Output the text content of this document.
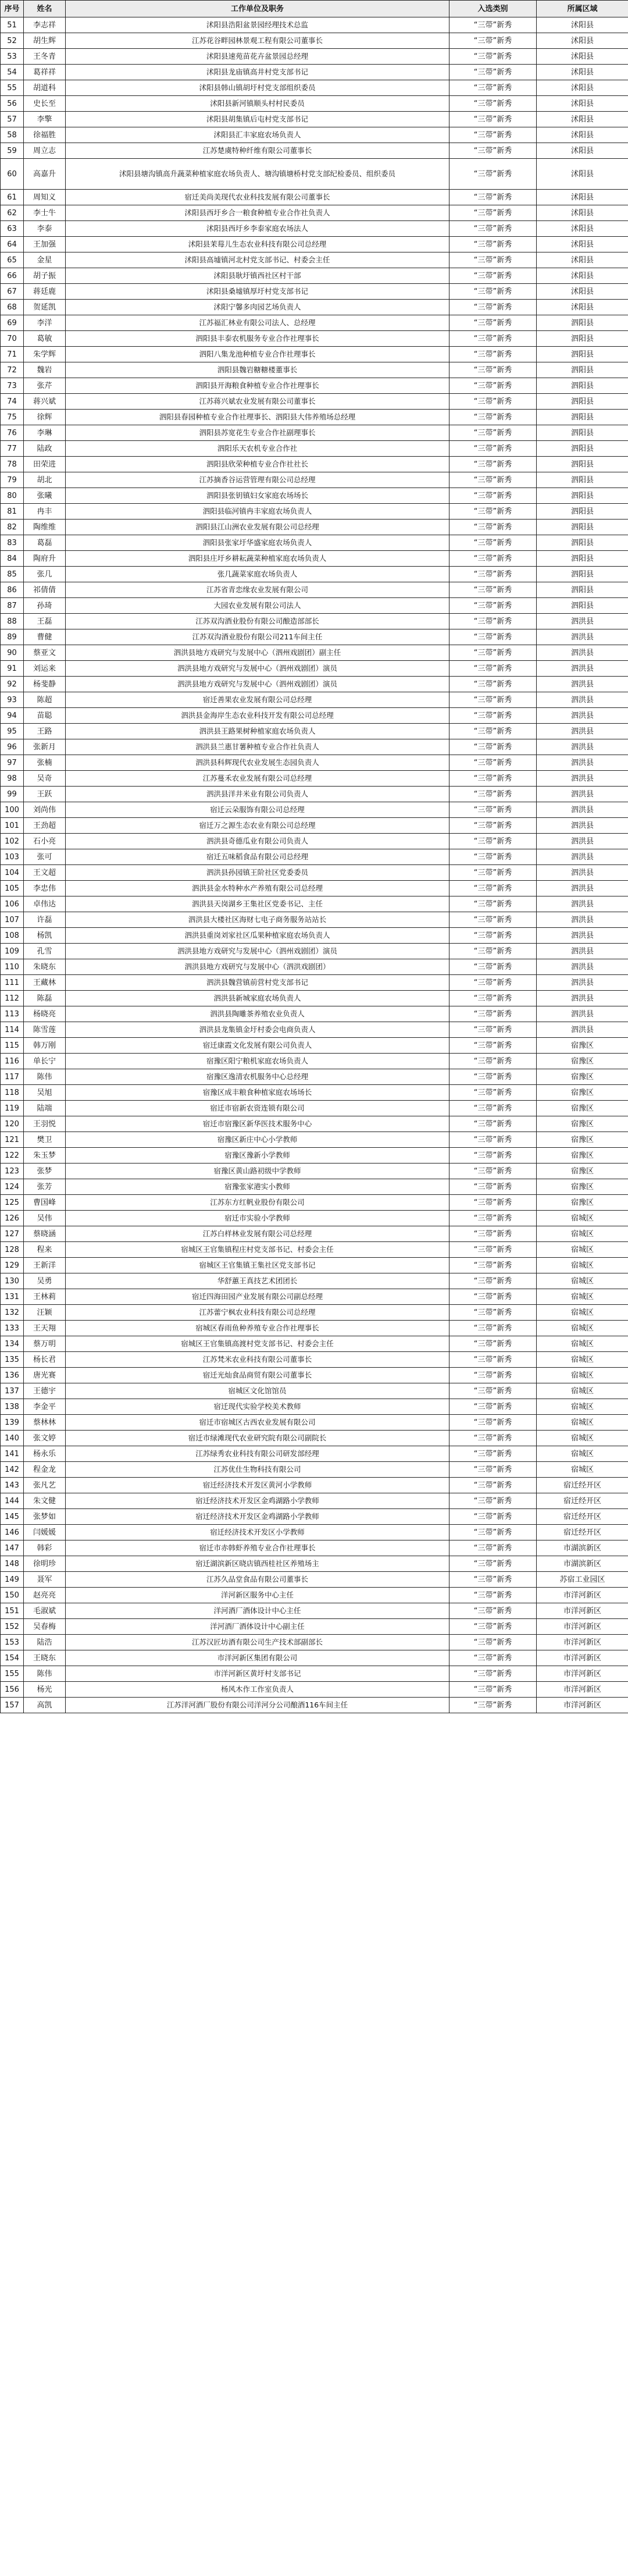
序号	姓名	工作单位及职务	入选类别	所属区域
51	李志祥	沭阳县浩阳盆景园经理技术总监	“三带”新秀	沭阳县
52	胡生辉	江苏花谷畔园林景观工程有限公司董事长	“三带”新秀	沭阳县
53	王冬青	沭阳县速苑苗花卉盆景园总经理	“三带”新秀	沭阳县
54	葛祥祥	沭阳县龙庙镇高井村党支部书记	“三带”新秀	沭阳县
55	胡道科	沭阳县韩山镇胡圩村党支部组织委员	“三带”新秀	沭阳县
56	史长至	沭阳县新河镇顺头村村民委员	“三带”新秀	沭阳县
57	李擎	沭阳县胡集镇后屯村党支部书记	“三带”新秀	沭阳县
58	徐福胜	沭阳县汇丰家庭农场负责人	“三带”新秀	沭阳县
59	周立志	江苏楚虞特种纤维有限公司董事长	“三带”新秀	沭阳县
60	高嘉升	沭阳县塘沟镇高升蔬菜种植家庭农场负责人、塘沟镇塘桥村党支部纪检委员、组织委员	“三带”新秀	沭阳县
61	周知义	宿迁美尚美现代农业科技发展有限公司董事长	“三带”新秀	沭阳县
62	李士牛	沭阳县西圩乡合一粮食种植专业合作社负责人	“三带”新秀	沭阳县
63	李泰	沭阳县西圩乡李泰家庭农场法人	“三带”新秀	沭阳县
64	王加强	沭阳县茉莓儿生态农业科技有限公司总经理	“三带”新秀	沭阳县
65	金星	沭阳县高墟镇河北村党支部书记、村委会主任	“三带”新秀	沭阳县
66	胡子振	沭阳县耿圩镇西社区村干部	“三带”新秀	沭阳县
67	蒋廷鹿	沭阳县桑墟镇厚圩村党支部书记	“三带”新秀	沭阳县
68	贺延凯	沭阳宁馨多肉园艺场负责人	“三带”新秀	沭阳县
69	李洋	江苏福汇林业有限公司法人、总经理	“三带”新秀	泗阳县
70	葛敏	泗阳县丰泰农机服务专业合作社理事长	“三带”新秀	泗阳县
71	朱学辉	泗阳八集龙池种植专业合作社理事长	“三带”新秀	泗阳县
72	魏岩	泗阳县魏岩糖糖楼董事长	“三带”新秀	泗阳县
73	张芹	泗阳县开海粮食种植专业合作社理事长	“三带”新秀	泗阳县
74	蒋兴斌	江苏蒋兴斌农业发展有限公司董事长	“三带”新秀	泗阳县
75	徐辉	泗阳县春园种植专业合作社理事长、泗阳县大伟养殖场总经理	“三带”新秀	泗阳县
76	李琳	泗阳县苏宽花生专业合作社副理事长	“三带”新秀	泗阳县
77	陆政	泗阳乐天农机专业合作社	“三带”新秀	泗阳县
78	田荣进	泗阳县欣荣种植专业合作社社长	“三带”新秀	泗阳县
79	胡北	江苏摘香谷运营管理有限公司总经理	“三带”新秀	泗阳县
80	张曦	泗阳县张钥镇妇女家庭农场场长	“三带”新秀	泗阳县
81	冉丰	泗阳县临河镇冉丰家庭农场负责人	“三带”新秀	泗阳县
82	陶维维	泗阳县江山洲农业发展有限公司总经理	“三带”新秀	泗阳县
83	葛磊	泗阳县张家圩华盛家庭农场负责人	“三带”新秀	泗阳县
84	陶府升	泗阳县庄圩乡耕耘蔬菜种植家庭农场负责人	“三带”新秀	泗阳县
85	张几	张几蔬菜家庭农场负责人	“三带”新秀	泗阳县
86	祁倩倩	江苏省青恋缘农业发展有限公司	“三带”新秀	泗阳县
87	孙琦	大园农业发展有限公司法人	“三带”新秀	泗阳县
88	王磊	江苏双沟酒业股份有限公司酿造部部长	“三带”新秀	泗洪县
89	曹健	江苏双沟酒业股份有限公司211车间主任	“三带”新秀	泗洪县
90	蔡亚文	泗洪县地方戏研究与发展中心（泗州戏剧团）副主任	“三带”新秀	泗洪县
91	刘运来	泗洪县地方戏研究与发展中心（泗州戏剧团）演员	“三带”新秀	泗洪县
92	杨斐静	泗洪县地方戏研究与发展中心（泗州戏剧团）演员	“三带”新秀	泗洪县
93	陈超	宿迁善果农业发展有限公司总经理	“三带”新秀	泗洪县
94	苗聪	泗洪县金海岸生态农业科技开发有限公司总经理	“三带”新秀	泗洪县
95	王路	泗洪县王路果树种植家庭农场负责人	“三带”新秀	泗洪县
96	张新月	泗洪县兰惠甘薯种植专业合作社负责人	“三带”新秀	泗洪县
97	张楠	泗洪县科辉现代农业发展生态园负责人	“三带”新秀	泗洪县
98	吴奇	江苏蔓禾农业发展有限公司总经理	“三带”新秀	泗洪县
99	王跃	泗洪县洋井米业有限公司负责人	“三带”新秀	泗洪县
100	刘尚伟	宿迁云朵服饰有限公司总经理	“三带”新秀	泗洪县
101	王劲超	宿迁万之源生态农业有限公司总经理	“三带”新秀	泗洪县
102	石小亮	泗洪县奇德瓜业有限公司负责人	“三带”新秀	泗洪县
103	张可	宿迁五味稻食品有限公司总经理	“三带”新秀	泗洪县
104	王文超	泗洪县孙园镇王阶社区党委委员	“三带”新秀	泗洪县
105	李忠伟	泗洪县金水特种水产养殖有限公司总经理	“三带”新秀	泗洪县
106	卓伟达	泗洪县天岗湖乡王集社区党委书记、主任	“三带”新秀	泗洪县
107	许磊	泗洪县大楼社区海财七电子商务服务站站长	“三带”新秀	泗洪县
108	杨凯	泗洪县重岗刘家社区瓜果种植家庭农场负责人	“三带”新秀	泗洪县
109	孔雪	泗洪县地方戏研究与发展中心（泗州戏剧团）演员	“三带”新秀	泗洪县
110	朱晓东	泗洪县地方戏研究与发展中心（泗洪戏剧团）	“三带”新秀	泗洪县
111	王藏林	泗洪县魏营镇前营村党支部书记	“三带”新秀	泗洪县
112	陈磊	泗洪县新城家庭农场负责人	“三带”新秀	泗洪县
113	杨晓亮	泗洪县陶雕茶养殖农业负责人	“三带”新秀	泗洪县
114	陈雪莲	泗洪县龙集镇金圩村委会电商负责人	“三带”新秀	泗洪县
115	韩万刚	宿迁康霞文化发展有限公司负责人	“三带”新秀	宿豫区
116	单长宁	宿豫区阳宁粮机家庭农场负责人	“三带”新秀	宿豫区
117	陈伟	宿豫区逸清农机服务中心总经理	“三带”新秀	宿豫区
118	吴旭	宿豫区成丰粮食种植家庭农场场长	“三带”新秀	宿豫区
119	陆端	宿迁市宿新农资连锁有限公司	“三带”新秀	宿豫区
120	王羽悦	宿迁市宿豫区新华医技术服务中心	“三带”新秀	宿豫区
121	樊卫	宿豫区新庄中心小学教师	“三带”新秀	宿豫区
122	朱玉梦	宿豫区豫新小学教师	“三带”新秀	宿豫区
123	张梦	宿豫区黄山路初级中学教师	“三带”新秀	宿豫区
124	张芳	宿豫张家港实小教师	“三带”新秀	宿豫区
125	曹国峰	江苏东方红帆业股份有限公司	“三带”新秀	宿豫区
126	吴伟	宿迁市实验小学教师	“三带”新秀	宿城区
127	蔡晓涵	江苏白样林业发展有限公司总经理	“三带”新秀	宿城区
128	程来	宿城区王官集镇程庄村党支部书记、村委会主任	“三带”新秀	宿城区
129	王新洋	宿城区王官集镇王集社区党支部书记	“三带”新秀	宿城区
130	吴勇	华舒蕙王真技艺术团团长	“三带”新秀	宿城区
131	王林莉	宿迁四海田园产业发展有限公司副总经理	“三带”新秀	宿城区
132	汪颖	江苏蕾宁枫农业科技有限公司总经理	“三带”新秀	宿城区
133	王天翔	宿城区春雨鱼种养殖专业合作社理事长	“三带”新秀	宿城区
134	蔡万明	宿城区王官集镇高渡村党支部书记、村委会主任	“三带”新秀	宿城区
135	杨长君	江苏梵米农业科技有限公司董事长	“三带”新秀	宿城区
136	唐光赛	宿迁光灿食品商贸有限公司董事长	“三带”新秀	宿城区
137	王德宇	宿城区文化馆馆员	“三带”新秀	宿城区
138	李金平	宿迁现代实验学校美术教师	“三带”新秀	宿城区
139	蔡林林	宿迁市宿城区古西农业发展有限公司	“三带”新秀	宿城区
140	张文婷	宿迁市绿滩现代农业研究院有限公司副院长	“三带”新秀	宿城区
141	杨永乐	江苏绿秀农业科技有限公司研发部经理	“三带”新秀	宿城区
142	程金龙	江苏优仕生物科技有限公司	“三带”新秀	宿城区
143	张凡艺	宿迁经济技术开发区黄河小学教师	“三带”新秀	宿迁经开区
144	朱文健	宿迁经济技术开发区金鸡湖路小学教师	“三带”新秀	宿迁经开区
145	张梦如	宿迁经济技术开发区金鸡湖路小学教师	“三带”新秀	宿迁经开区
146	闫媛媛	宿迁经济技术开发区小学教师	“三带”新秀	宿迁经开区
147	韩彩	宿迁市赤韩虾养殖专业合作社理事长	“三带”新秀	市湖滨新区
148	徐明珍	宿迁湖滨新区晓店镇西桂社区养殖场主	“三带”新秀	市湖滨新区
149	聂军	江苏久品堂食品有限公司董事长	“三带”新秀	苏宿工业园区
150	赵亮亮	洋河新区服务中心主任	“三带”新秀	市洋河新区
151	毛淑斌	洋河酒厂酒体设计中心主任	“三带”新秀	市洋河新区
152	吴春梅	洋河酒厂酒体设计中心副主任	“三带”新秀	市洋河新区
153	陆浩	江苏汉匠坊酒有限公司生产技术部副部长	“三带”新秀	市洋河新区
154	王晓东	市洋河新区集团有限公司	“三带”新秀	市洋河新区
155	陈伟	市洋河新区黄圩村支部书记	“三带”新秀	市洋河新区
156	杨光	杨风木作工作室负责人	“三带”新秀	市洋河新区
157	高凯	江苏洋河酒厂股份有限公司洋河分公司酿酒116车间主任	“三带”新秀	市洋河新区
